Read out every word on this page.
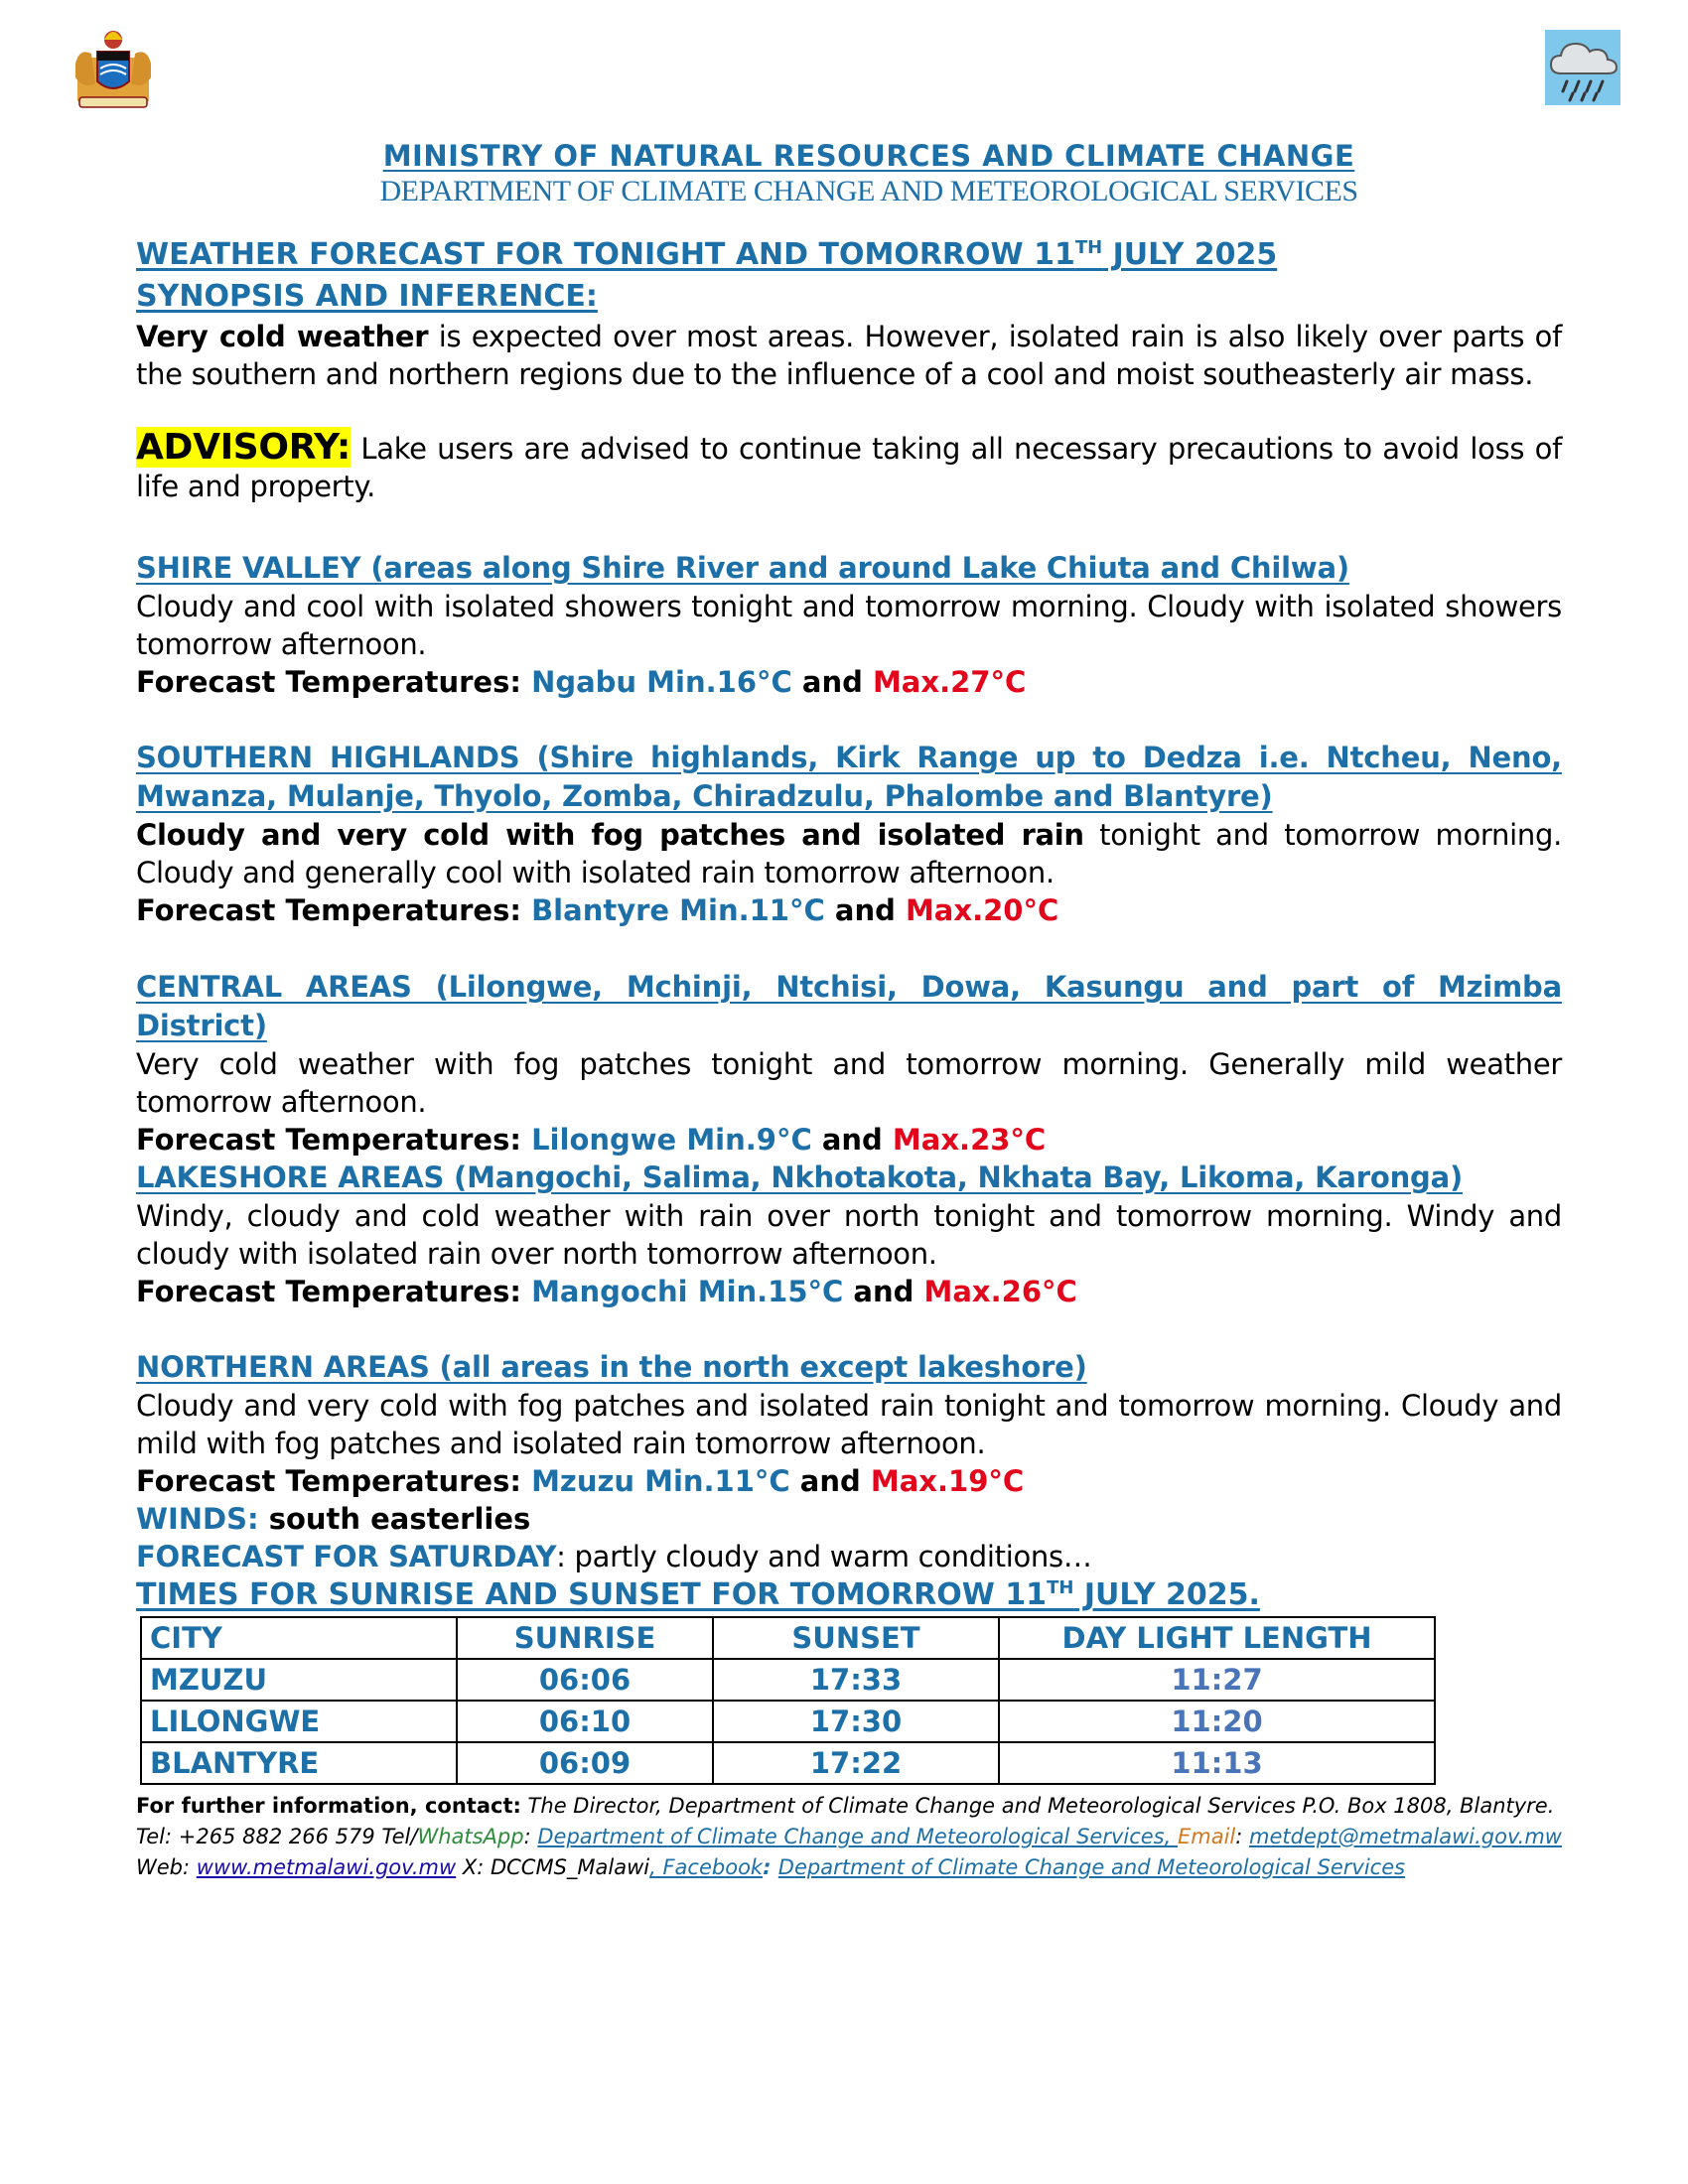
MINISTRY OF NATURAL RESOURCES AND CLIMATE CHANGE
DEPARTMENT OF CLIMATE CHANGE AND METEOROLOGICAL SERVICES
WEATHER FORECAST FOR TONIGHT AND TOMORROW 11TH JULY 2025
SYNOPSIS AND INFERENCE:
Very cold weather is expected over most areas. However, isolated rain is also likely over parts of the southern and northern regions due to the influence of a cool and moist southeasterly air mass.
ADVISORY: Lake users are advised to continue taking all necessary precautions to avoid loss of life and property.
SHIRE VALLEY (areas along Shire River and around Lake Chiuta and Chilwa)
Cloudy and cool with isolated showers tonight and tomorrow morning. Cloudy with isolated showers tomorrow afternoon.
Forecast Temperatures: Ngabu Min.16°C and Max.27°C
SOUTHERN HIGHLANDS (Shire highlands, Kirk Range up to Dedza i.e. Ntcheu, Neno, Mwanza, Mulanje, Thyolo, Zomba, Chiradzulu, Phalombe and Blantyre)
Cloudy and very cold with fog patches and isolated rain tonight and tomorrow morning. Cloudy and generally cool with isolated rain tomorrow afternoon.
Forecast Temperatures: Blantyre Min.11°C and Max.20°C
CENTRAL AREAS (Lilongwe, Mchinji, Ntchisi, Dowa, Kasungu and part of Mzimba District)
Very cold weather with fog patches tonight and tomorrow morning. Generally mild weather tomorrow afternoon.
Forecast Temperatures: Lilongwe Min.9°C and Max.23°C
LAKESHORE AREAS (Mangochi, Salima, Nkhotakota, Nkhata Bay, Likoma, Karonga)
Windy, cloudy and cold weather with rain over north tonight and tomorrow morning. Windy and cloudy with isolated rain over north tomorrow afternoon.
Forecast Temperatures: Mangochi Min.15°C and Max.26°C
NORTHERN AREAS (all areas in the north except lakeshore)
Cloudy and very cold with fog patches and isolated rain tonight and tomorrow morning. Cloudy and mild with fog patches and isolated rain tomorrow afternoon.
Forecast Temperatures: Mzuzu Min.11°C and Max.19°C
WINDS: south easterlies
FORECAST FOR SATURDAY: partly cloudy and warm conditions…
TIMES FOR SUNRISE AND SUNSET FOR TOMORROW 11TH JULY 2025.
CITY	SUNRISE	SUNSET	DAY LIGHT LENGTH
MZUZU	06:06	17:33	11:27
LILONGWE	06:10	17:30	11:20
BLANTYRE	06:09	17:22	11:13
For further information, contact: The Director, Department of Climate Change and Meteorological Services P.O. Box 1808, Blantyre. Tel: +265 882 266 579 Tel/WhatsApp: Department of Climate Change and Meteorological Services, Email: metdept@metmalawi.gov.mw Web: www.metmalawi.gov.mw X: DCCMS_Malawi, Facebook: Department of Climate Change and Meteorological Services
